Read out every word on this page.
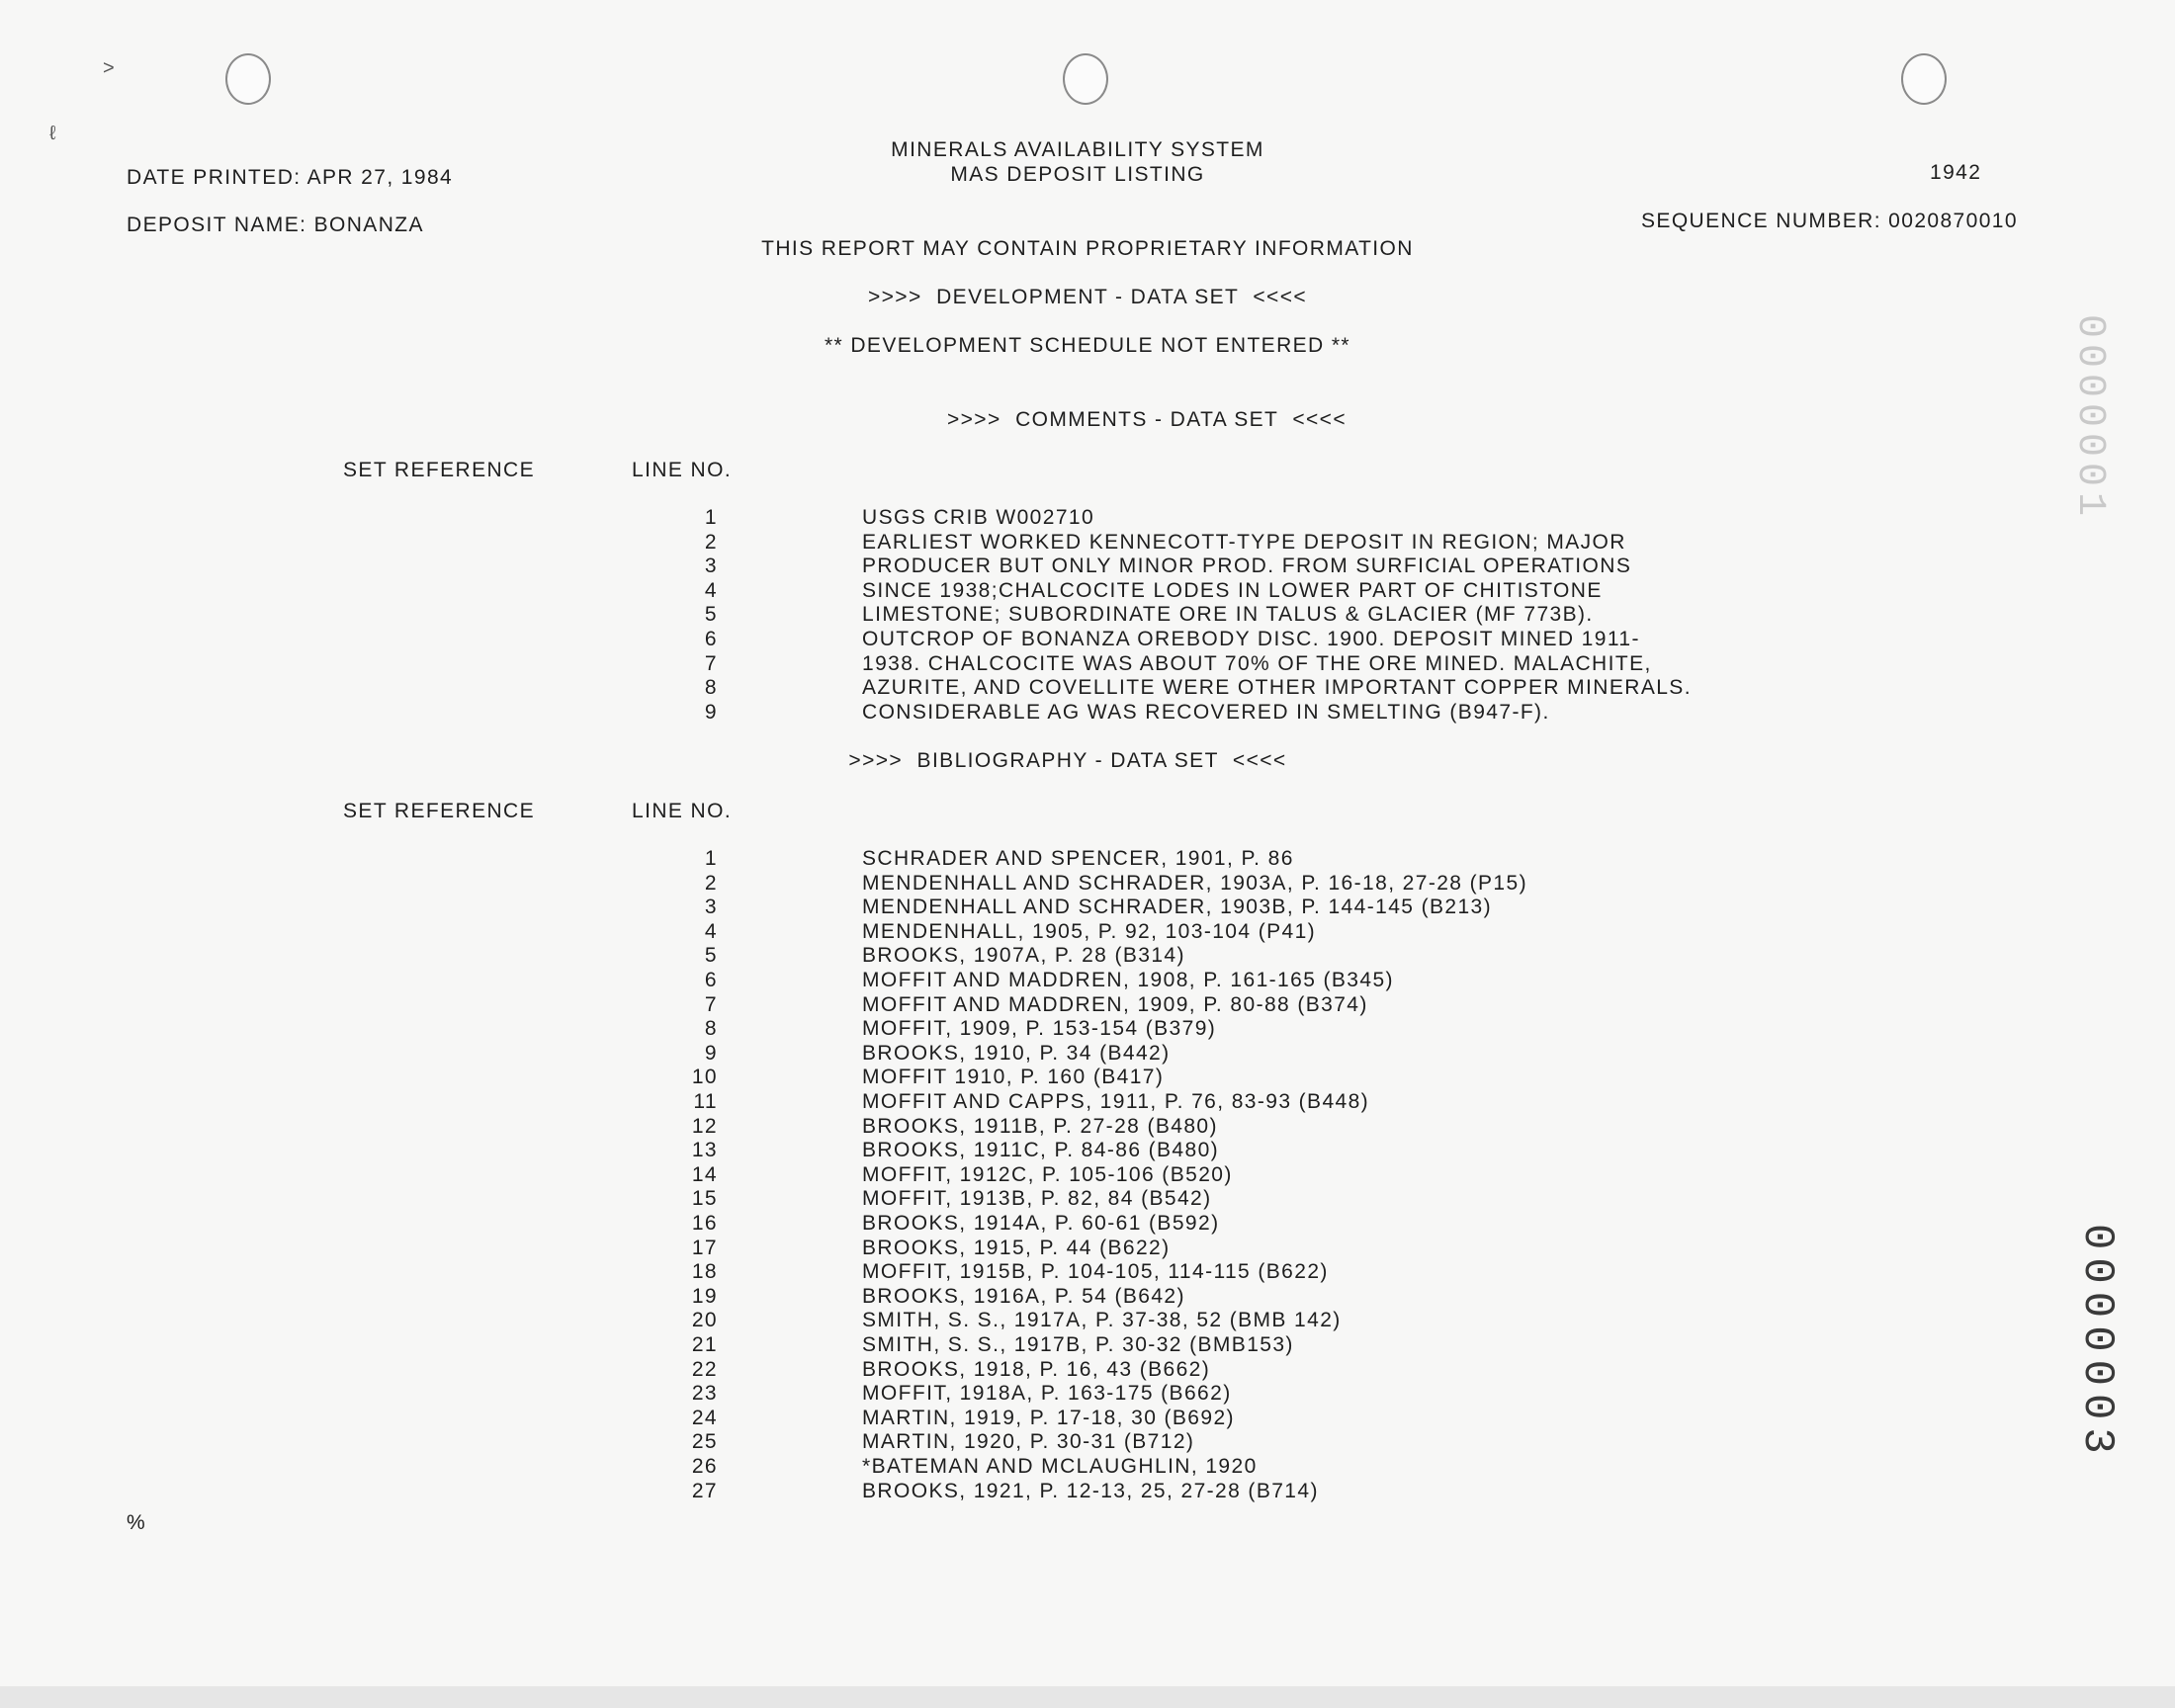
MINERALS AVAILABILITY SYSTEM
MAS DEPOSIT LISTING
DATE PRINTED: APR 27, 1984	1942
DEPOSIT NAME: BONANZA	SEQUENCE NUMBER: 0020870010
THIS REPORT MAY CONTAIN PROPRIETARY INFORMATION
>>>>  DEVELOPMENT - DATA SET  <<<<
** DEVELOPMENT SCHEDULE NOT ENTERED **
>>>>  COMMENTS - DATA SET  <<<<
SET REFERENCE	LINE NO.
1	USGS CRIB W002710
2	EARLIEST WORKED KENNECOTT-TYPE DEPOSIT IN REGION; MAJOR
3	PRODUCER BUT ONLY MINOR PROD. FROM SURFICIAL OPERATIONS
4	SINCE 1938;CHALCOCITE LODES IN LOWER PART OF CHITISTONE
5	LIMESTONE; SUBORDINATE ORE IN TALUS & GLACIER (MF 773B).
6	OUTCROP OF BONANZA OREBODY DISC. 1900. DEPOSIT MINED 1911-
7	1938. CHALCOCITE WAS ABOUT 70% OF THE ORE MINED. MALACHITE,
8	AZURITE, AND COVELLITE WERE OTHER IMPORTANT COPPER MINERALS.
9	CONSIDERABLE AG WAS RECOVERED IN SMELTING (B947-F).
>>>>  BIBLIOGRAPHY - DATA SET  <<<<
SET REFERENCE	LINE NO.
1	SCHRADER AND SPENCER, 1901, P. 86
2	MENDENHALL AND SCHRADER, 1903A, P. 16-18, 27-28 (P15)
3	MENDENHALL AND SCHRADER, 1903B, P. 144-145 (B213)
4	MENDENHALL, 1905, P. 92, 103-104 (P41)
5	BROOKS, 1907A, P. 28 (B314)
6	MOFFIT AND MADDREN, 1908, P. 161-165 (B345)
7	MOFFIT AND MADDREN, 1909, P. 80-88 (B374)
8	MOFFIT, 1909, P. 153-154 (B379)
9	BROOKS, 1910, P. 34 (B442)
10	MOFFIT 1910, P. 160 (B417)
11	MOFFIT AND CAPPS, 1911, P. 76, 83-93 (B448)
12	BROOKS, 1911B, P. 27-28 (B480)
13	BROOKS, 1911C, P. 84-86 (B480)
14	MOFFIT, 1912C, P. 105-106 (B520)
15	MOFFIT, 1913B, P. 82, 84 (B542)
16	BROOKS, 1914A, P. 60-61 (B592)
17	BROOKS, 1915, P. 44 (B622)
18	MOFFIT, 1915B, P. 104-105, 114-115 (B622)
19	BROOKS, 1916A, P. 54 (B642)
20	SMITH, S. S., 1917A, P. 37-38, 52 (BMB 142)
21	SMITH, S. S., 1917B, P. 30-32 (BMB153)
22	BROOKS, 1918, P. 16, 43 (B662)
23	MOFFIT, 1918A, P. 163-175 (B662)
24	MARTIN, 1919, P. 17-18, 30 (B692)
25	MARTIN, 1920, P. 30-31 (B712)
26	*BATEMAN AND MCLAUGHLIN, 1920
27	BROOKS, 1921, P. 12-13, 25, 27-28 (B714)
%
0000001
0000003
˃
ℓ
